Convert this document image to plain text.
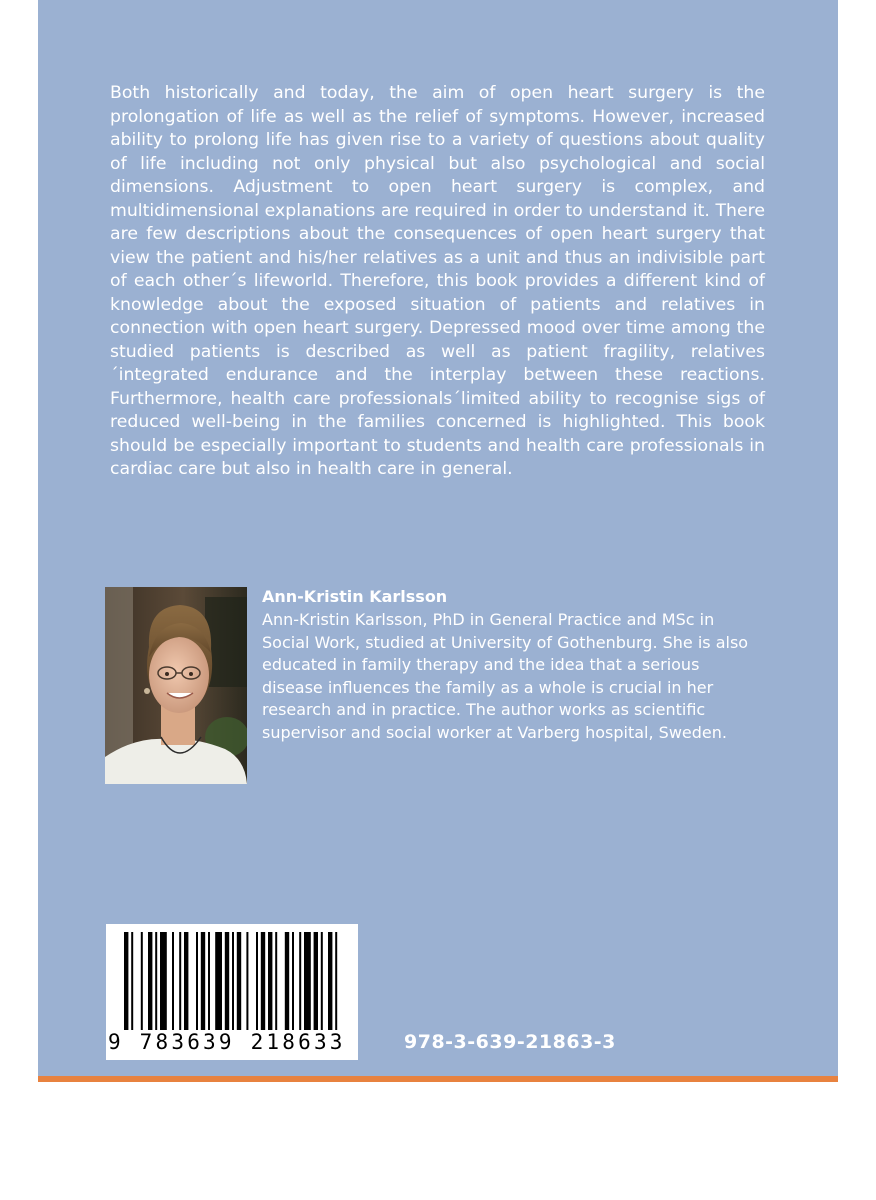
Both historically and today, the aim of open heart surgery is the prolongation of life as well as the relief of symptoms. However, increased ability to prolong life has given rise to a variety of questions about quality of life including not only physical but also psychological and social dimensions. Adjustment to open heart surgery is complex, and multidimensional explanations are required in order to understand it. There are few descriptions about the consequences of open heart surgery that view the patient and his/her relatives as a unit and thus an indivisible part of each other´s lifeworld. Therefore, this book provides a different kind of knowledge about the exposed situation of patients and relatives in connection with open heart surgery. Depressed mood over time among the studied patients is described as well as patient fragility, relatives ´integrated endurance and the interplay between these reactions. Furthermore, health care professionals´limited ability to recognise sigs of reduced well-being in the families concerned is highlighted. This book should be especially important to students and health care professionals in cardiac care but also in health care in general.

Ann-Kristin Karlsson

Ann-Kristin Karlsson, PhD in General Practice and MSc in Social Work, studied at University of Gothenburg. She is also educated in family therapy and the idea that a serious disease influences the family as a whole is crucial in her research and in practice. The author works as scientific supervisor and social worker at Varberg hospital, Sweden.

9 783639 218633	978-3-639-21863-3
